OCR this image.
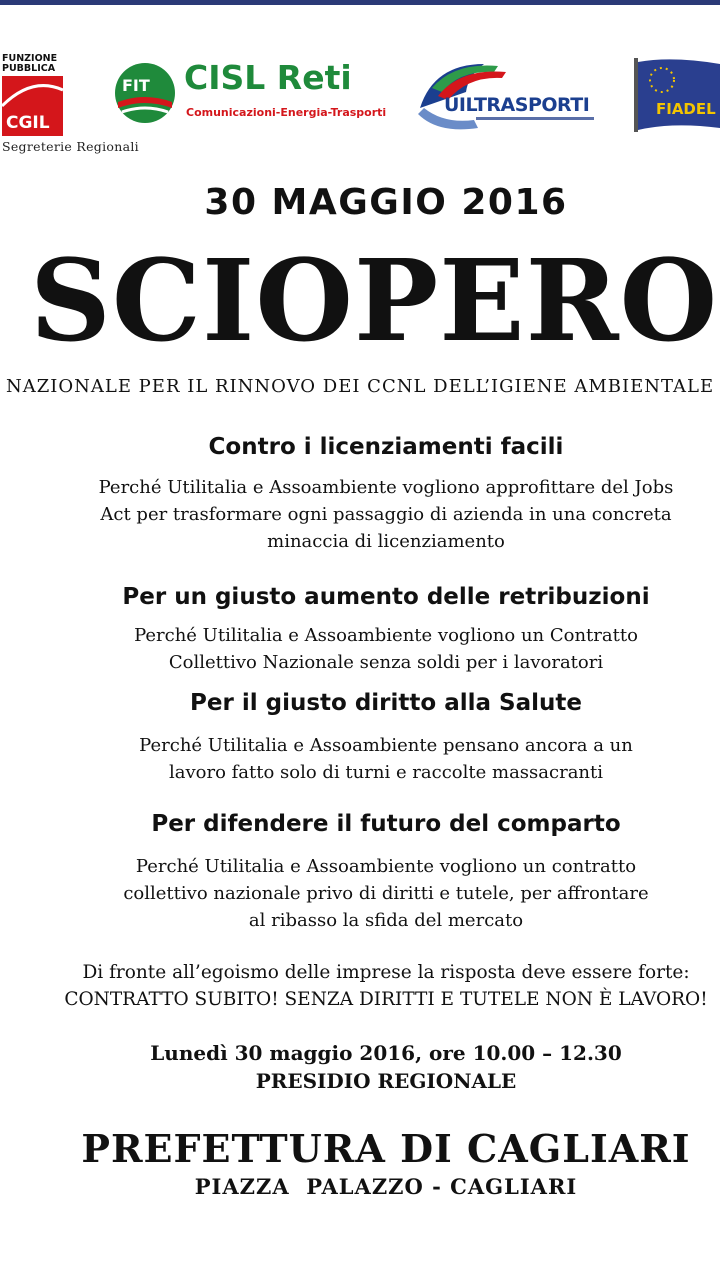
FUNZIONE
PUBBLICA
CGIL
Segreterie Regionali
FIT CISL Reti
Comunicazioni-Energia-Trasporti	UILTRASPORTI	FIADEL
30 MAGGIO 2016
SCIOPERO
NAZIONALE PER IL RINNOVO DEI CCNL DELL’IGIENE AMBIENTALE
Contro i licenziamenti facili
Perché Utilitalia e Assoambiente vogliono approfittare del Jobs
Act per trasformare ogni passaggio di azienda in una concreta
minaccia di licenziamento
Per un giusto aumento delle retribuzioni
Perché Utilitalia e Assoambiente vogliono un Contratto
Collettivo Nazionale senza soldi per i lavoratori
Per il giusto diritto alla Salute
Perché Utilitalia e Assoambiente pensano ancora a un
lavoro fatto solo di turni e raccolte massacranti
Per difendere il futuro del comparto
Perché Utilitalia e Assoambiente vogliono un contratto
collettivo nazionale privo di diritti e tutele, per affrontare
al ribasso la sfida del mercato
Di fronte all’egoismo delle imprese la risposta deve essere forte:
CONTRATTO SUBITO! SENZA DIRITTI E TUTELE NON È LAVORO!
Lunedì 30 maggio 2016, ore 10.00 – 12.30
PRESIDIO REGIONALE
PREFETTURA DI CAGLIARI
PIAZZA  PALAZZO - CAGLIARI
